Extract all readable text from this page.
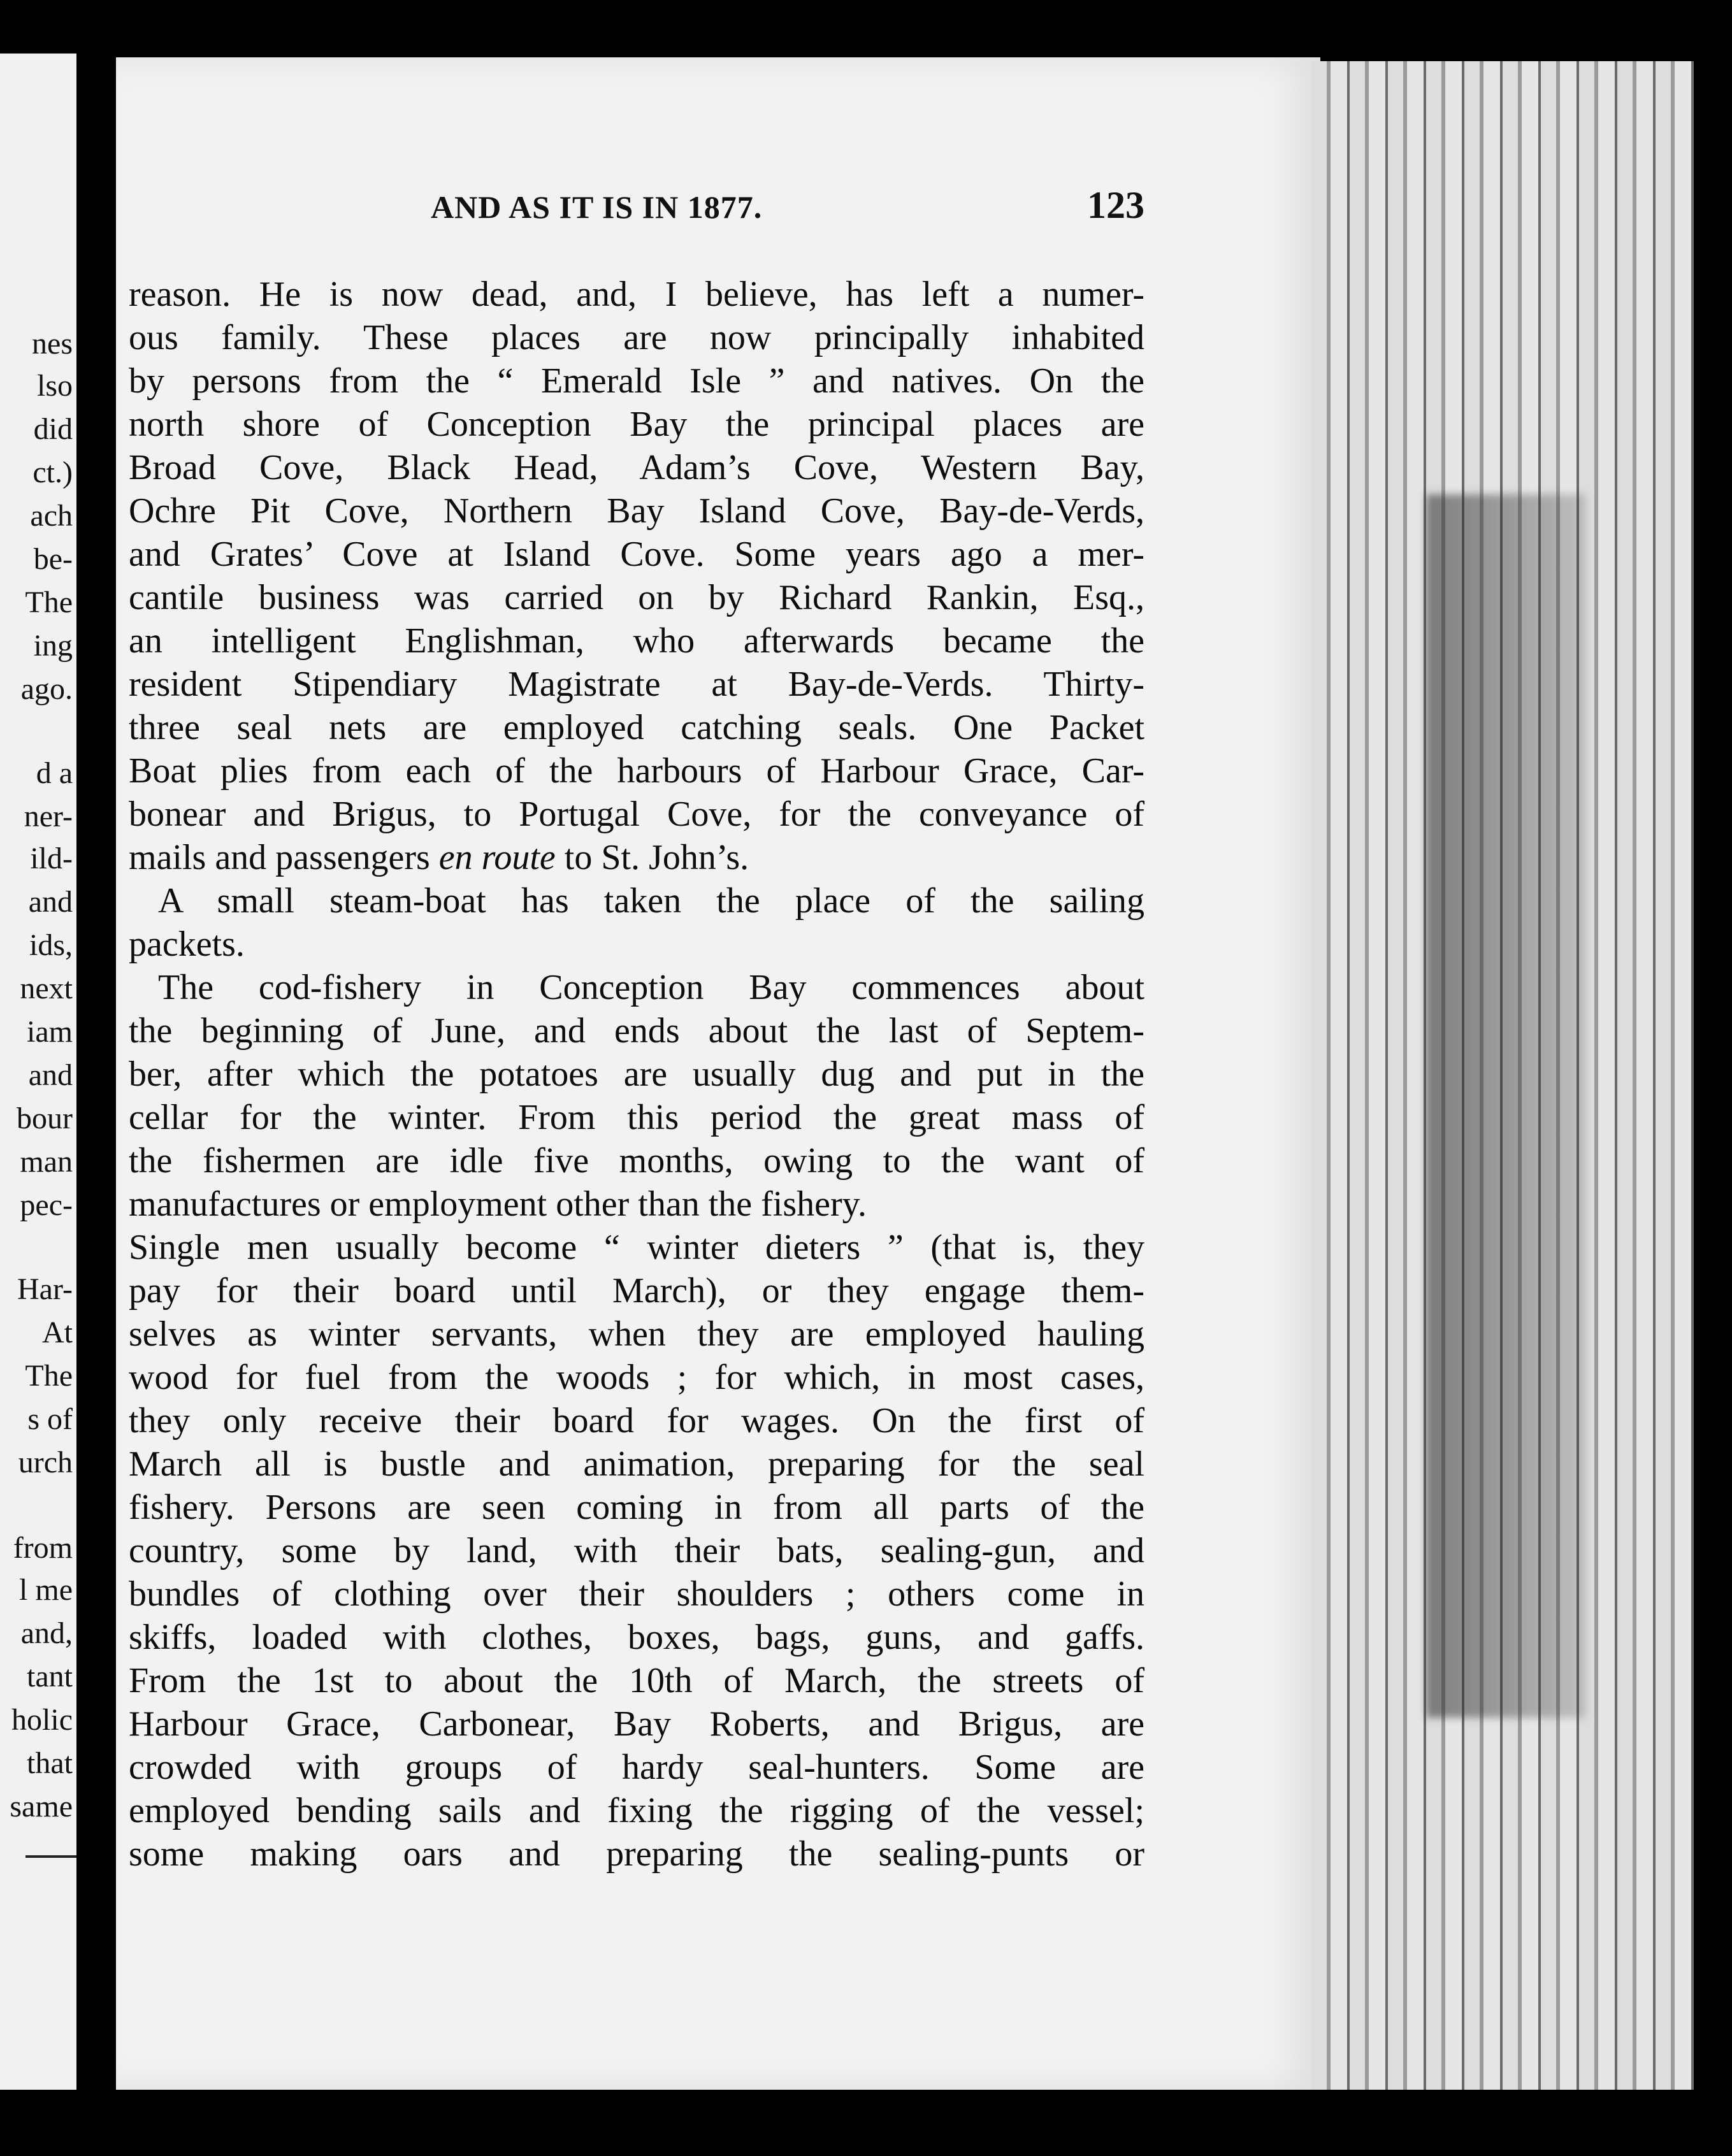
nes
lso
did
ct.)
ach
be-
The
ing
ago.
d a
ner-
ild-
and
ids,
next
iam
and
bour
man
pec-
Har-
At
The
s of
urch
from
l me
and,
tant
holic
that
same
AND AS IT IS IN 1877.	123
reason. He is now dead, and, I believe, has left a numer-
ous family. These places are now principally inhabited
by persons from the “ Emerald Isle ” and natives. On the
north shore of Conception Bay the principal places are
Broad Cove, Black Head, Adam’s Cove, Western Bay,
Ochre Pit Cove, Northern Bay Island Cove, Bay-de-Verds,
and Grates’ Cove at Island Cove. Some years ago a mer-
cantile business was carried on by Richard Rankin, Esq.,
an intelligent Englishman, who afterwards became the
resident Stipendiary Magistrate at Bay-de-Verds. Thirty-
three seal nets are employed catching seals. One Packet
Boat plies from each of the harbours of Harbour Grace, Car-
bonear and Brigus, to Portugal Cove, for the conveyance of
mails and passengers en route to St. John’s.
A small steam-boat has taken the place of the sailing
packets.
The cod-fishery in Conception Bay commences about
the beginning of June, and ends about the last of Septem-
ber, after which the potatoes are usually dug and put in the
cellar for the winter. From this period the great mass of
the fishermen are idle five months, owing to the want of
manufactures or employment other than the fishery.
Single men usually become “ winter dieters ” (that is, they
pay for their board until March), or they engage them-
selves as winter servants, when they are employed hauling
wood for fuel from the woods ; for which, in most cases,
they only receive their board for wages. On the first of
March all is bustle and animation, preparing for the seal
fishery. Persons are seen coming in from all parts of the
country, some by land, with their bats, sealing-gun, and
bundles of clothing over their shoulders ; others come in
skiffs, loaded with clothes, boxes, bags, guns, and gaffs.
From the 1st to about the 10th of March, the streets of
Harbour Grace, Carbonear, Bay Roberts, and Brigus, are
crowded with groups of hardy seal-hunters. Some are
employed bending sails and fixing the rigging of the vessel;
some making oars and preparing the sealing-punts or
